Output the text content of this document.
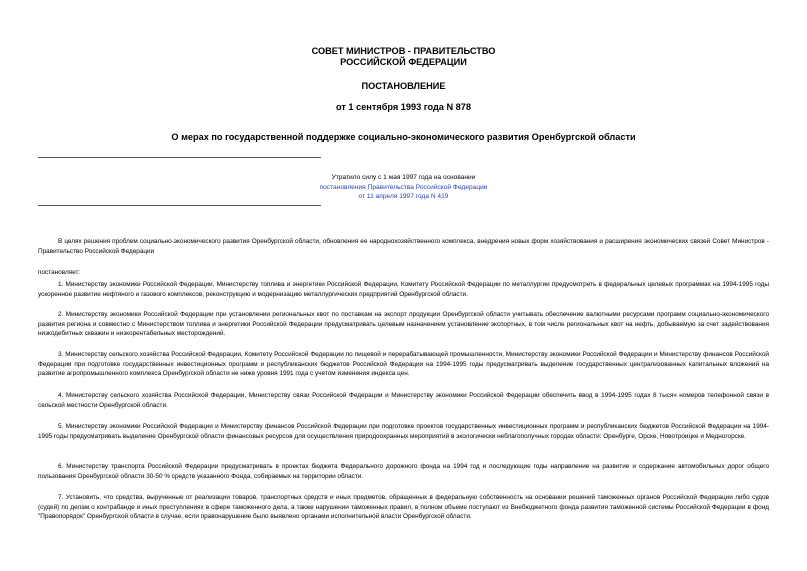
СОВЕТ МИНИСТРОВ - ПРАВИТЕЛЬСТВО
РОССИЙСКОЙ ФЕДЕРАЦИИ
ПОСТАНОВЛЕНИЕ
от 1 сентября 1993 года N 878
О мерах по государственной поддержке социально-экономического развития Оренбургской области
Утратило силу с 1 мая 1997 года на основании
постановления Правительства Российской Федерации
от 11 апреля 1997 года N 419
В целях решения проблем социально-экономического развития Оренбургской области, обновления ее народнохозяйственного комплекса, внедрения новых форм хозяйствования и расширения экономических связей Совет Министров - Правительство Российской Федерации
постановляет:
1. Министерству экономики Российской Федерации, Министерству топлива и энергетики Российской Федерации, Комитету Российской Федерации по металлургии предусмотреть в федеральных целевых программах на 1994-1995 годы ускоренное развитие нефтяного и газового комплексов, реконструкцию и модернизацию металлургических предприятий Оренбургской области.
2. Министерству экономики Российской Федерации при установлении региональных квот по поставкам на экспорт продукции Оренбургской области учитывать обеспечение валютными ресурсами программ социально-экономического развития региона и совместно с Министерством топлива и энергетики Российской Федерации предусматривать целевым назначением установление экспортных, в том числе региональных квот на нефть, добываемую за счет задействования низкодебитных скважин и низкорентабельных месторождений.
3. Министерству сельского хозяйства Российской Федерации, Комитету Российской Федерации по пищевой и перерабатывающей промышленности, Министерству экономики Российской Федерации и Министерству финансов Российской Федерации при подготовке государственных инвестиционных программ и республиканских бюджетов Российской Федерации на 1994-1995 годы предусматривать выделение государственных централизованных капитальных вложений на развитие агропромышленного комплекса Оренбургской области не ниже уровня 1991 года с учетом изменения индекса цен.
4. Министерству сельского хозяйства Российской Федерации, Министерству связи Российской Федерации и Министерству экономики Российской Федерации обеспечить ввод в 1994-1995 годах 8 тысяч номеров телефонной связи в сельской местности Оренбургской области.
5. Министерству экономики Российской Федерации и Министерству финансов Российской Федерации при подготовке проектов государственных инвестиционных программ и республиканских бюджетов Российской Федерации на 1994-1995 годы предусматривать выделение Оренбургской области финансовых ресурсов для осуществления природоохранных мероприятий в экологически неблагополучных городах области: Оренбурге, Орске, Новотроицке и Медногорске.
6. Министерству транспорта Российской Федерации предусматривать в проектах бюджета Федерального дорожного фонда на 1994 год и последующие годы направление на развитие и содержание автомобильных дорог общего пользования Оренбургской области 30-50 % средств указанного Фонда, собираемых на территории области.
7. Установить, что средства, вырученные от реализации товаров, транспортных средств и иных предметов, обращенных в федеральную собственность на основании решений таможенных органов Российской Федерации либо судов (судей) по делам о контрабанде и иных преступлениях в сфере таможенного дела, а также нарушении таможенных правил, в полном объеме поступают из Внебюджетного фонда развития таможенной системы Российской Федерации в фонд "Правопорядок" Оренбургской области в случае, если правонарушение было выявлено органами исполнительной власти Оренбургской области.
